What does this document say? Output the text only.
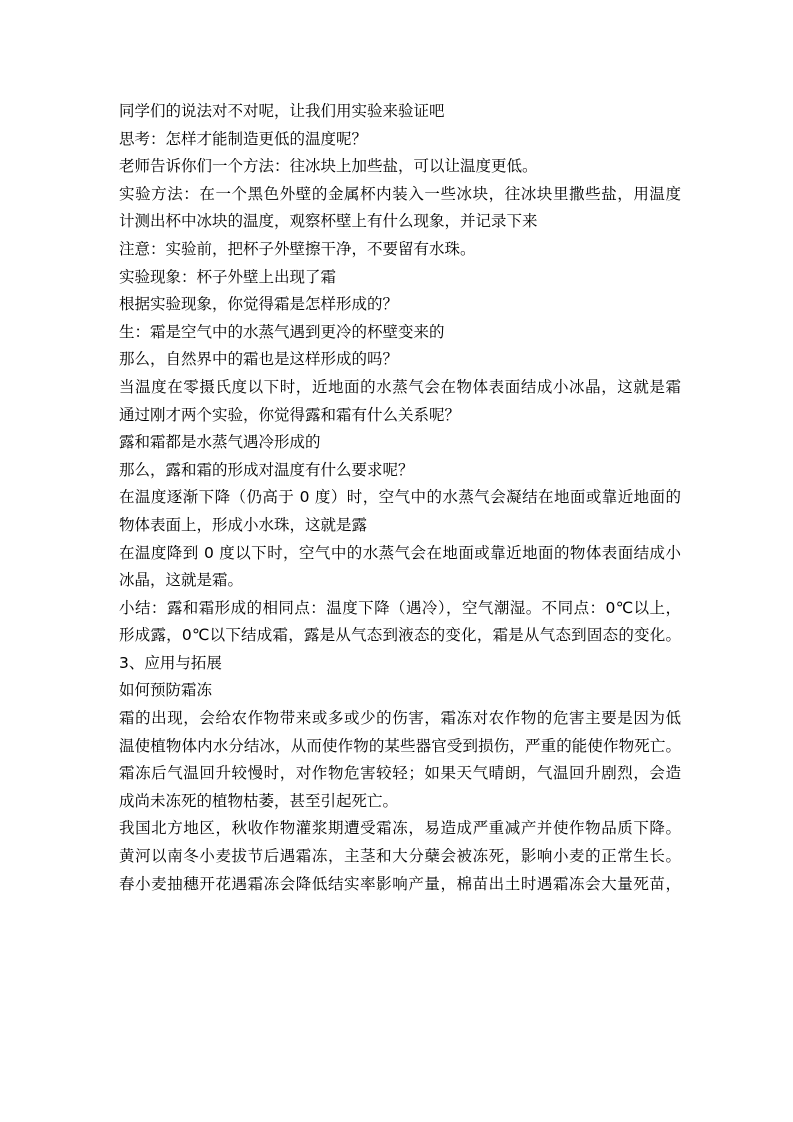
同学们的说法对不对呢，让我们用实验来验证吧
思考：怎样才能制造更低的温度呢？
老师告诉你们一个方法：往冰块上加些盐，可以让温度更低。
实验方法：在一个黑色外壁的金属杯内装入一些冰块，往冰块里撒些盐，用温度
计测出杯中冰块的温度，观察杯壁上有什么现象，并记录下来
注意：实验前，把杯子外壁擦干净，不要留有水珠。
实验现象：杯子外壁上出现了霜
根据实验现象，你觉得霜是怎样形成的？
生：霜是空气中的水蒸气遇到更冷的杯壁变来的
那么，自然界中的霜也是这样形成的吗？
当温度在零摄氏度以下时，近地面的水蒸气会在物体表面结成小冰晶，这就是霜
通过刚才两个实验，你觉得露和霜有什么关系呢？
露和霜都是水蒸气遇冷形成的
那么，露和霜的形成对温度有什么要求呢？
在温度逐渐下降（仍高于 0 度）时，空气中的水蒸气会凝结在地面或靠近地面的
物体表面上，形成小水珠，这就是露
在温度降到 0 度以下时，空气中的水蒸气会在地面或靠近地面的物体表面结成小
冰晶，这就是霜。
小结：露和霜形成的相同点：温度下降（遇冷），空气潮湿。不同点：0℃以上，
形成露，0℃以下结成霜，露是从气态到液态的变化，霜是从气态到固态的变化。
3、应用与拓展
如何预防霜冻
霜的出现，会给农作物带来或多或少的伤害，霜冻对农作物的危害主要是因为低
温使植物体内水分结冰，从而使作物的某些器官受到损伤，严重的能使作物死亡。
霜冻后气温回升较慢时，对作物危害较轻；如果天气晴朗，气温回升剧烈，会造
成尚未冻死的植物枯萎，甚至引起死亡。
我国北方地区，秋收作物灌浆期遭受霜冻，易造成严重减产并使作物品质下降。
黄河以南冬小麦拔节后遇霜冻，主茎和大分蘖会被冻死，影响小麦的正常生长。
春小麦抽穗开花遇霜冻会降低结实率影响产量，棉苗出土时遇霜冻会大量死苗，
